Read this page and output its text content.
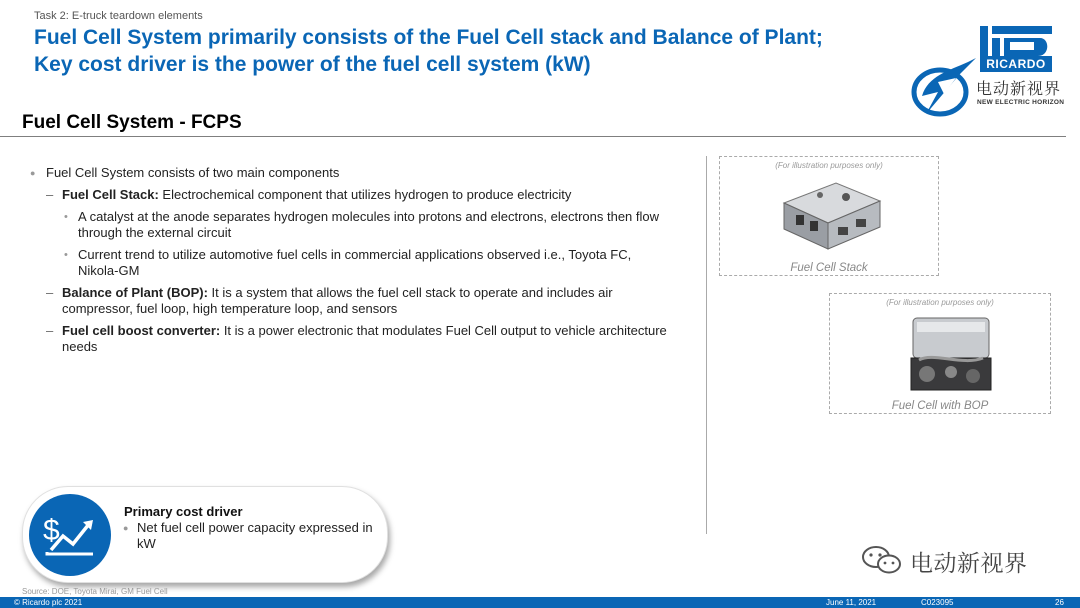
Task 2: E-truck teardown elements
Fuel Cell System primarily consists of the Fuel Cell stack and Balance of Plant;
Key cost driver is the power of the fuel cell system (kW)	RICARDO
电动新视界
NEW ELECTRIC HORIZON
Fuel Cell System - FCPS
● Fuel Cell System consists of two main components
– Fuel Cell Stack: Electrochemical component that utilizes hydrogen to produce electricity
• A catalyst at the anode separates hydrogen molecules into protons and electrons, electrons then flow through the external circuit
• Current trend to utilize automotive fuel cells in commercial applications observed i.e., Toyota FC, Nikola-GM
– Balance of Plant (BOP): It is a system that allows the fuel cell stack to operate and includes air compressor, fuel loop, high temperature loop, and sensors
– Fuel cell boost converter: It is a power electronic that modulates Fuel Cell output to vehicle architecture needs
(For illustration purposes only)
Fuel Cell Stack
(For illustration purposes only)
Fuel Cell with BOP
$
Primary cost driver
● Net fuel cell power capacity expressed in kW
电动新视界
Source: DOE, Toyota Mirai, GM Fuel Cell
© Ricardo plc 2021	June 11, 2021	C023095	26
